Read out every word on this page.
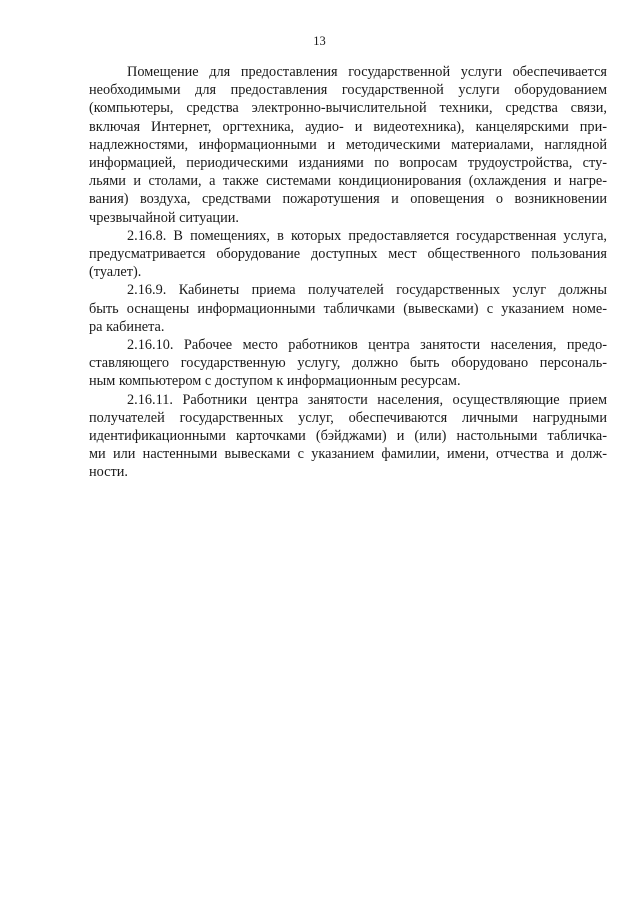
13
Помещение для предоставления государственной услуги обеспечивается
необходимыми для предоставления государственной услуги оборудованием
(компьютеры, средства электронно-вычислительной техники, средства связи,
включая Интернет, оргтехника, аудио- и видеотехника), канцелярскими при-
надлежностями, информационными и методическими материалами, наглядной
информацией, периодическими изданиями по вопросам трудоустройства, сту-
льями и столами, а также системами кондиционирования (охлаждения и нагре-
вания) воздуха, средствами пожаротушения и оповещения о возникновении
чрезвычайной ситуации.
2.16.8. В помещениях, в которых предоставляется государственная услуга,
предусматривается оборудование доступных мест общественного пользования
(туалет).
2.16.9. Кабинеты приема получателей государственных услуг должны
быть оснащены информационными табличками (вывесками) с указанием номе-
ра кабинета.
2.16.10. Рабочее место работников центра занятости населения, предо-
ставляющего государственную услугу, должно быть оборудовано персональ-
ным компьютером с доступом к информационным ресурсам.
2.16.11. Работники центра занятости населения, осуществляющие прием
получателей государственных услуг, обеспечиваются личными нагрудными
идентификационными карточками (бэйджами) и (или) настольными табличка-
ми или настенными вывесками с указанием фамилии, имени, отчества и долж-
ности.
